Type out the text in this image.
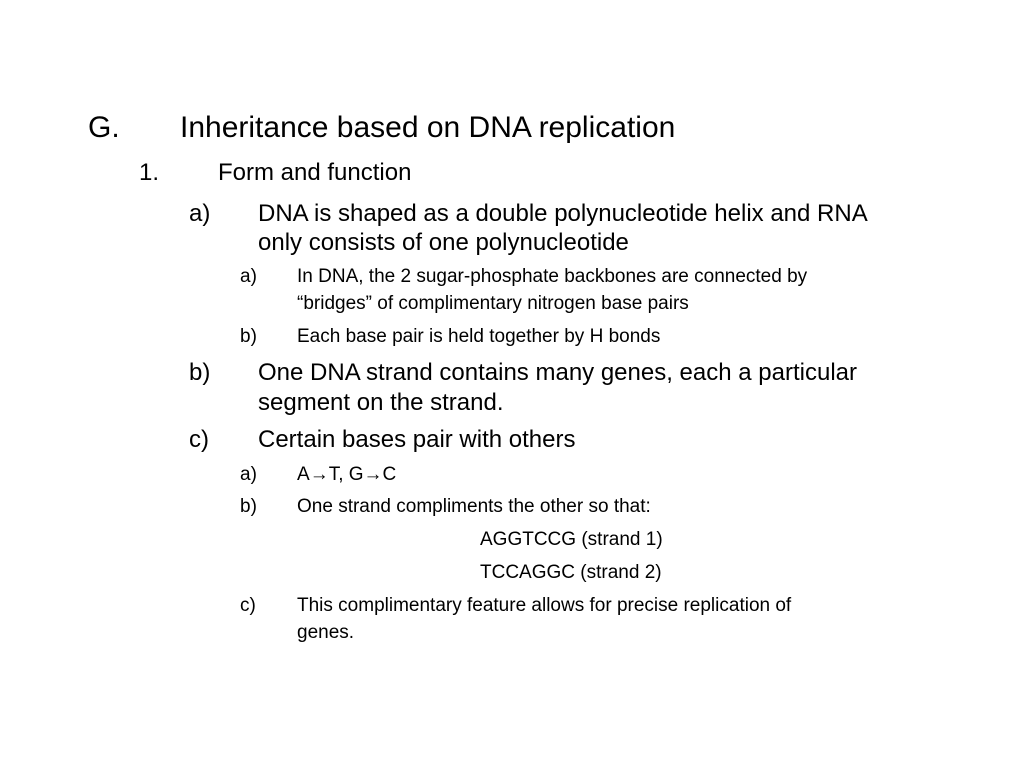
G. Inheritance based on DNA replication
1. Form and function
a) DNA is shaped as a double polynucleotide helix and RNA
only consists of one polynucleotide
a) In DNA, the 2 sugar-phosphate backbones are connected by
“bridges” of complimentary nitrogen base pairs
b) Each base pair is held together by H bonds
b) One DNA strand contains many genes, each a particular
segment on the strand.
c) Certain bases pair with others
a) A→T, G→C
b) One strand compliments the other so that:
AGGTCCG (strand 1)
TCCAGGC (strand 2)
c) This complimentary feature allows for precise replication of
genes.
